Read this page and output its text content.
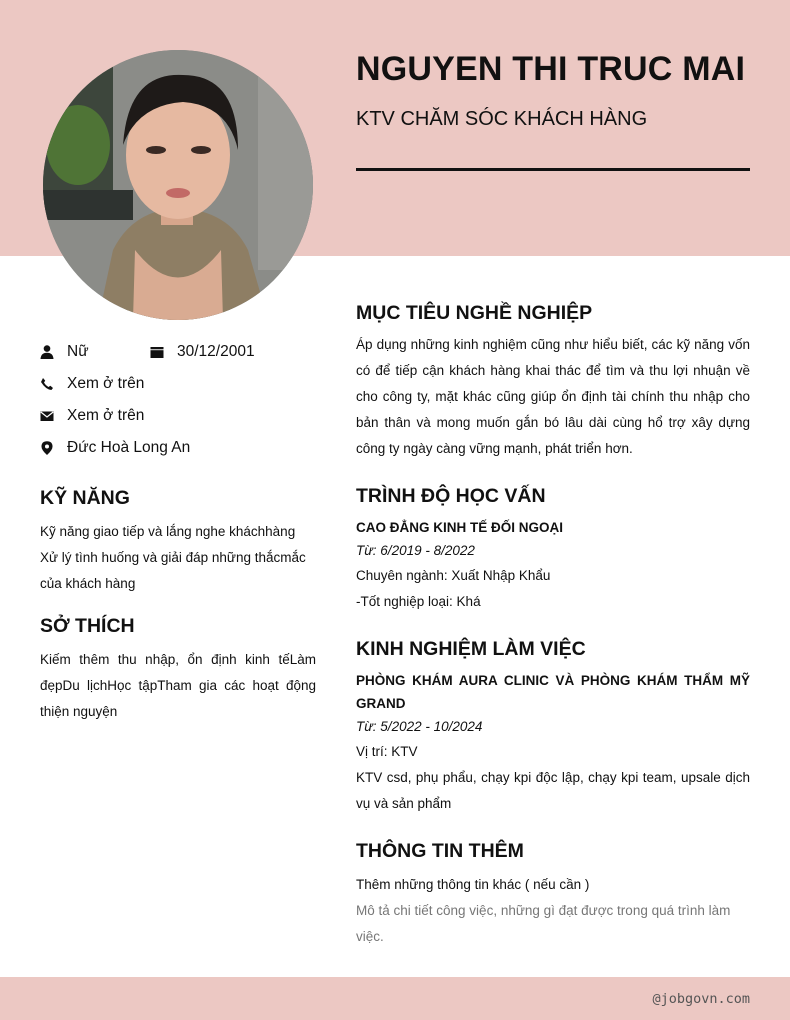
NGUYEN THI TRUC MAI
KTV CHĂM SÓC KHÁCH HÀNG
Nữ	30/12/2001
Xem ở trên
Xem ở trên
Đức Hoà Long An
KỸ NĂNG
Kỹ năng giao tiếp và lắng nghe kháchhàng Xử lý tình huống và giải đáp những thắcmắc của khách hàng
SỞ THÍCH
Kiếm thêm thu nhập, ổn định kinh tếLàm đẹpDu lịchHọc tậpTham gia các hoạt động thiện nguyện
MỤC TIÊU NGHỀ NGHIỆP
Áp dụng những kinh nghiệm cũng như hiểu biết, các kỹ năng vốn có để tiếp cận khách hàng khai thác để tìm và thu lợi nhuận về cho công ty, mặt khác cũng giúp ổn định tài chính thu nhập cho bản thân và mong muốn gắn bó lâu dài cùng hổ trợ xây dựng công ty ngày càng vững mạnh, phát triển hơn.
TRÌNH ĐỘ HỌC VẤN
CAO ĐẲNG KINH TẾ ĐỐI NGOẠI
Từ: 6/2019 - 8/2022
Chuyên ngành: Xuất Nhập Khẩu
-Tốt nghiệp loại: Khá
KINH NGHIỆM LÀM VIỆC
PHÒNG KHÁM AURA CLINIC VÀ PHÒNG KHÁM THẨM MỸ GRAND
Từ: 5/2022 - 10/2024
Vị trí: KTV
KTV csd, phụ phẩu, chạy kpi độc lập, chạy kpi team, upsale dịch vụ và sản phẩm
THÔNG TIN THÊM
Thêm những thông tin khác ( nếu cần )
Mô tả chi tiết công việc, những gì đạt được trong quá trình làm việc.
@jobgovn.com
